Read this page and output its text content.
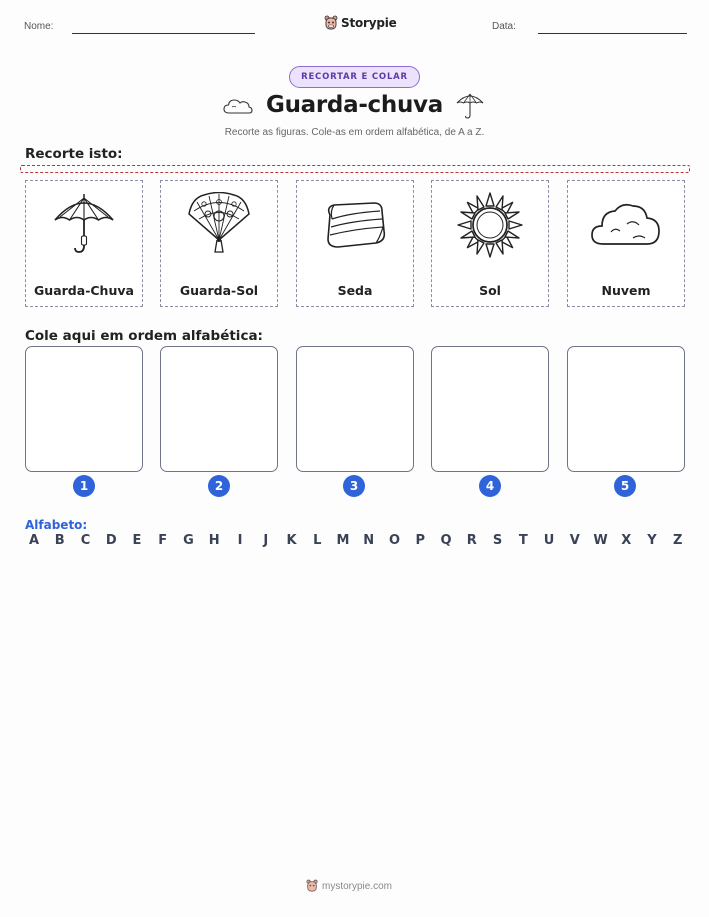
Nome:	Storypie	Data:
RECORTAR E COLAR
Guarda-chuva
Recorte as figuras. Cole-as em ordem alfabética, de A a Z.
Recorte isto:
Guarda-Chuva	Guarda-Sol	Seda	Sol	Nuvem
Cole aqui em ordem alfabética:
1	2	3	4	5
Alfabeto:
A B C D E F G H	I	J	K L M N O P Q R S T U V W X Y Z
mystorypie.com
